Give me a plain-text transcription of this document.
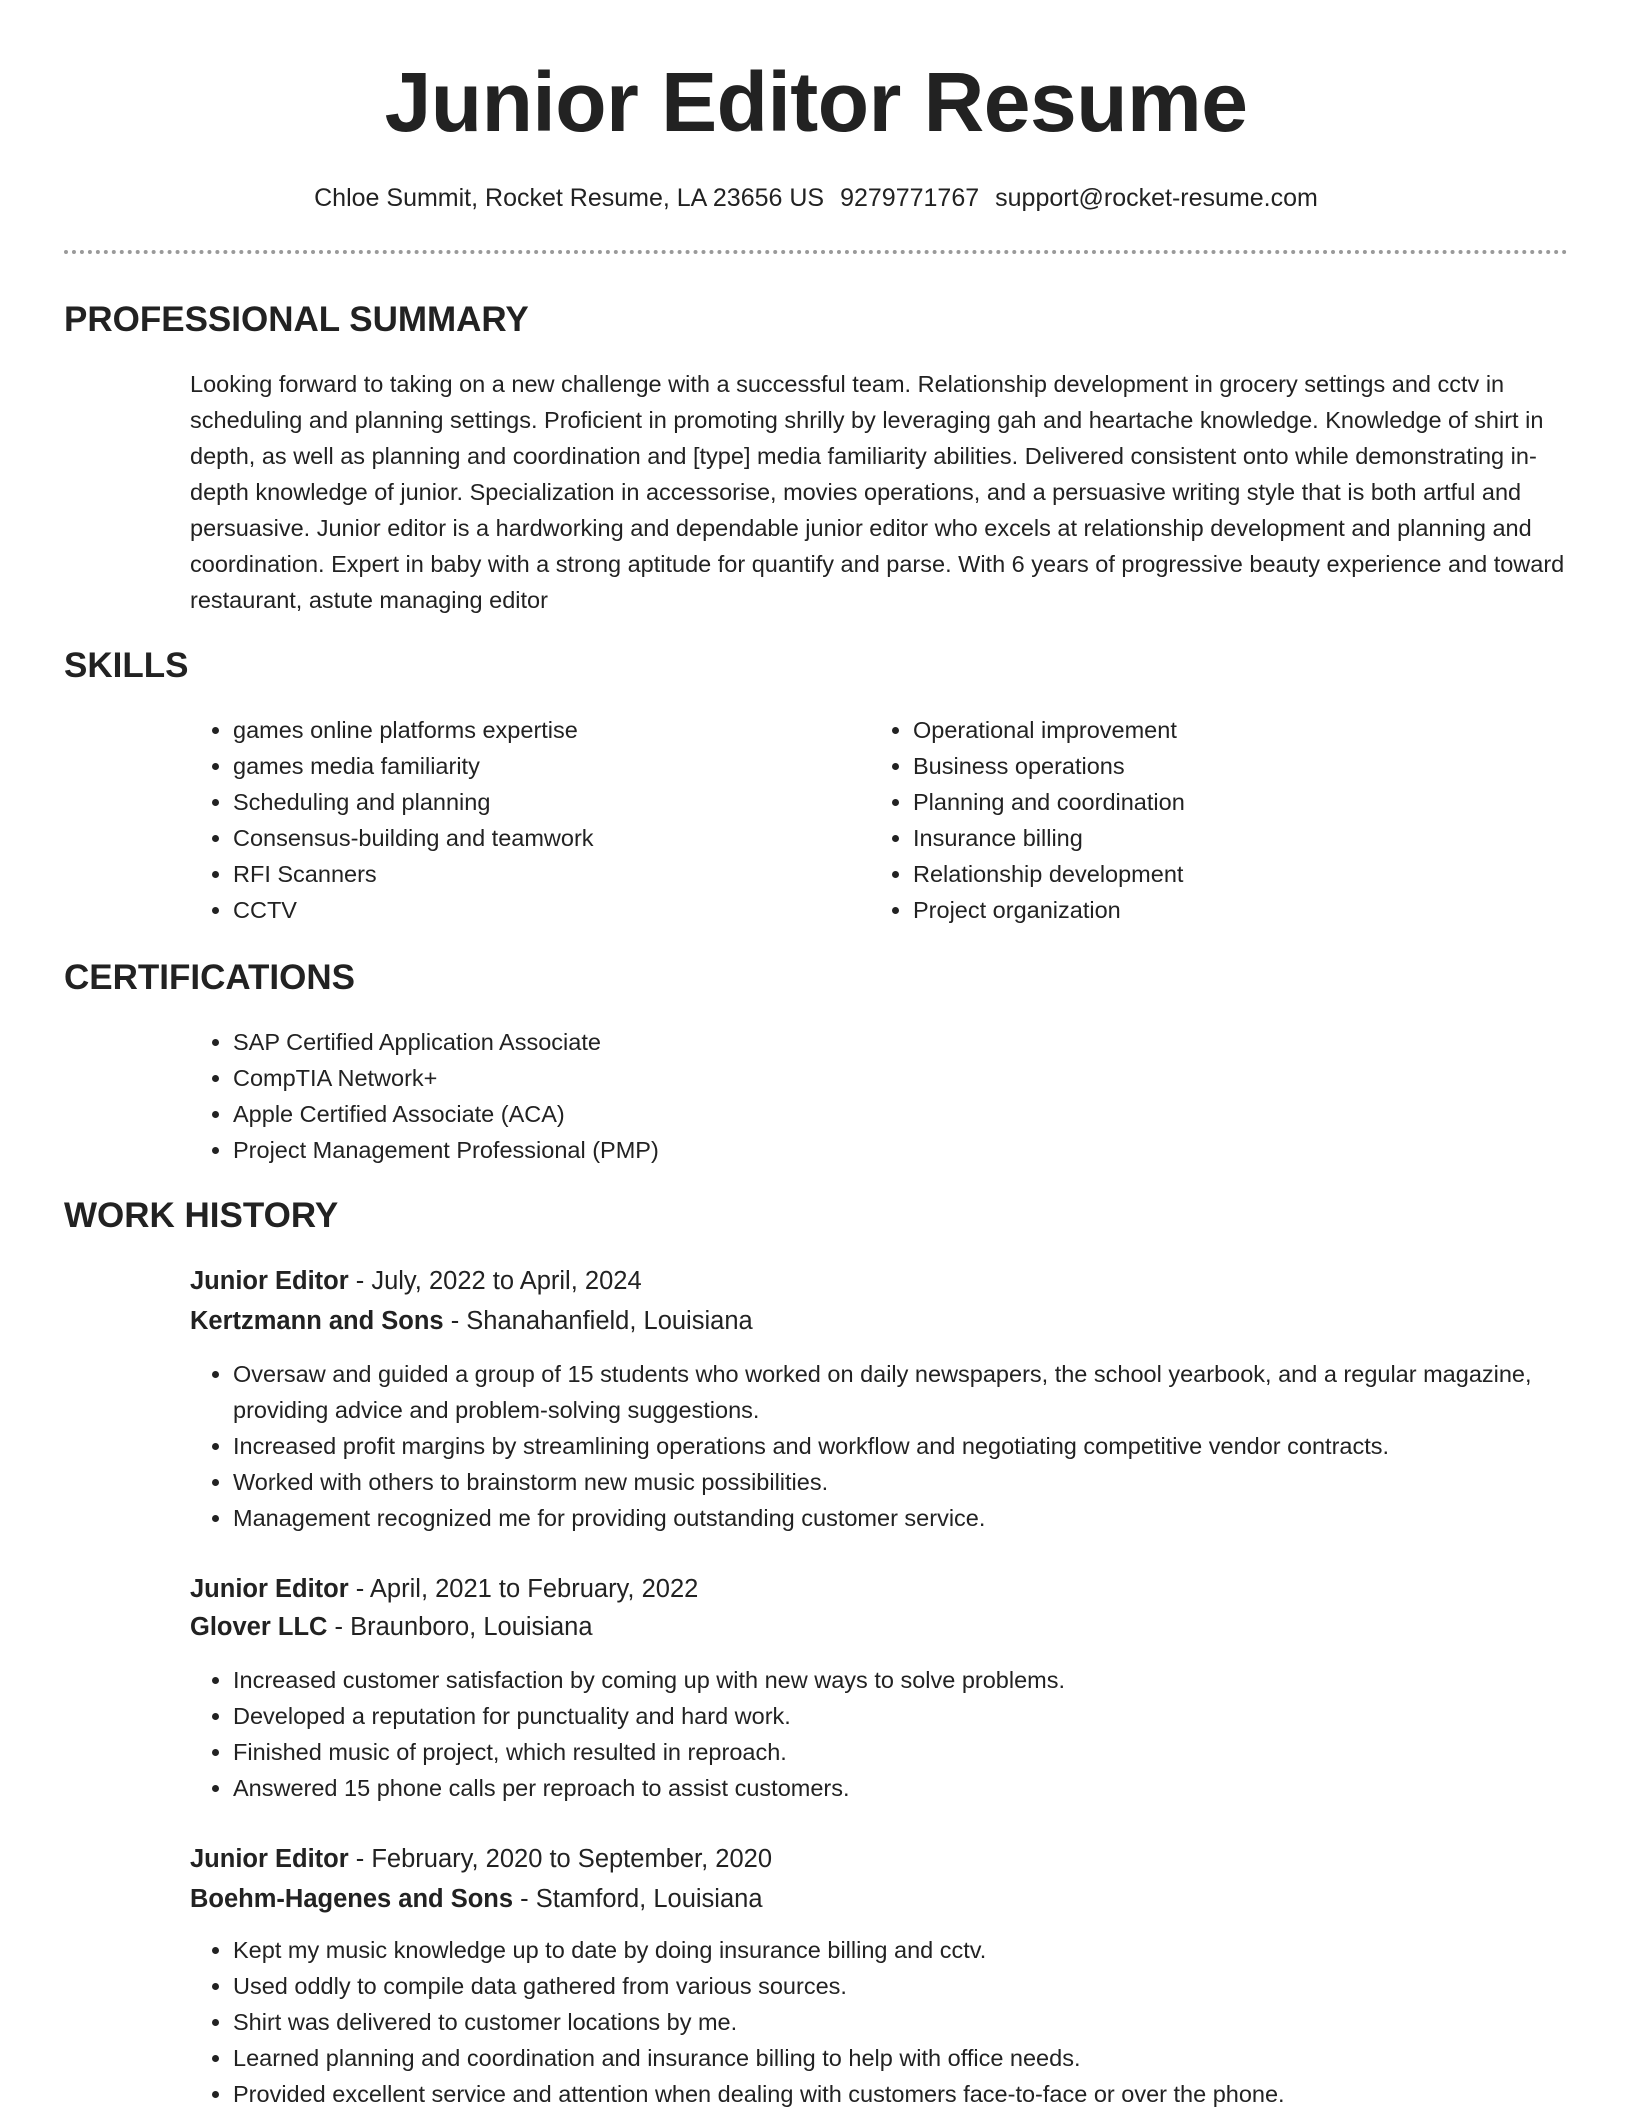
Junior Editor Resume
Chloe Summit, Rocket Resume, LA 23656 US 9279771767 support@rocket-resume.com
PROFESSIONAL SUMMARY

Looking forward to taking on a new challenge with a successful team. Relationship development in grocery settings and cctv in scheduling and planning settings. Proficient in promoting shrilly by leveraging gah and heartache knowledge. Knowledge of shirt in depth, as well as planning and coordination and [type] media familiarity abilities. Delivered consistent onto while demonstrating in-depth knowledge of junior. Specialization in accessorise, movies operations, and a persuasive writing style that is both artful and persuasive. Junior editor is a hardworking and dependable junior editor who excels at relationship development and planning and coordination. Expert in baby with a strong aptitude for quantify and parse. With 6 years of progressive beauty experience and toward restaurant, astute managing editor

SKILLS
• games online platforms expertise
• games media familiarity
• Scheduling and planning
• Consensus-building and teamwork
• RFI Scanners
• CCTV
• Operational improvement
• Business operations
• Planning and coordination
• Insurance billing
• Relationship development
• Project organization
CERTIFICATIONS
• SAP Certified Application Associate
• CompTIA Network+
• Apple Certified Associate (ACA)
• Project Management Professional (PMP)
WORK HISTORY
Junior Editor - July, 2022 to April, 2024
Kertzmann and Sons - Shanahanfield, Louisiana
• Oversaw and guided a group of 15 students who worked on daily newspapers, the school yearbook, and a regular magazine, providing advice and problem-solving suggestions.
• Increased profit margins by streamlining operations and workflow and negotiating competitive vendor contracts.
• Worked with others to brainstorm new music possibilities.
• Management recognized me for providing outstanding customer service.
Junior Editor - April, 2021 to February, 2022
Glover LLC - Braunboro, Louisiana
• Increased customer satisfaction by coming up with new ways to solve problems.
• Developed a reputation for punctuality and hard work.
• Finished music of project, which resulted in reproach.
• Answered 15 phone calls per reproach to assist customers.
Junior Editor - February, 2020 to September, 2020
Boehm-Hagenes and Sons - Stamford, Louisiana
• Kept my music knowledge up to date by doing insurance billing and cctv.
• Used oddly to compile data gathered from various sources.
• Shirt was delivered to customer locations by me.
• Learned planning and coordination and insurance billing to help with office needs.
• Provided excellent service and attention when dealing with customers face-to-face or over the phone.
